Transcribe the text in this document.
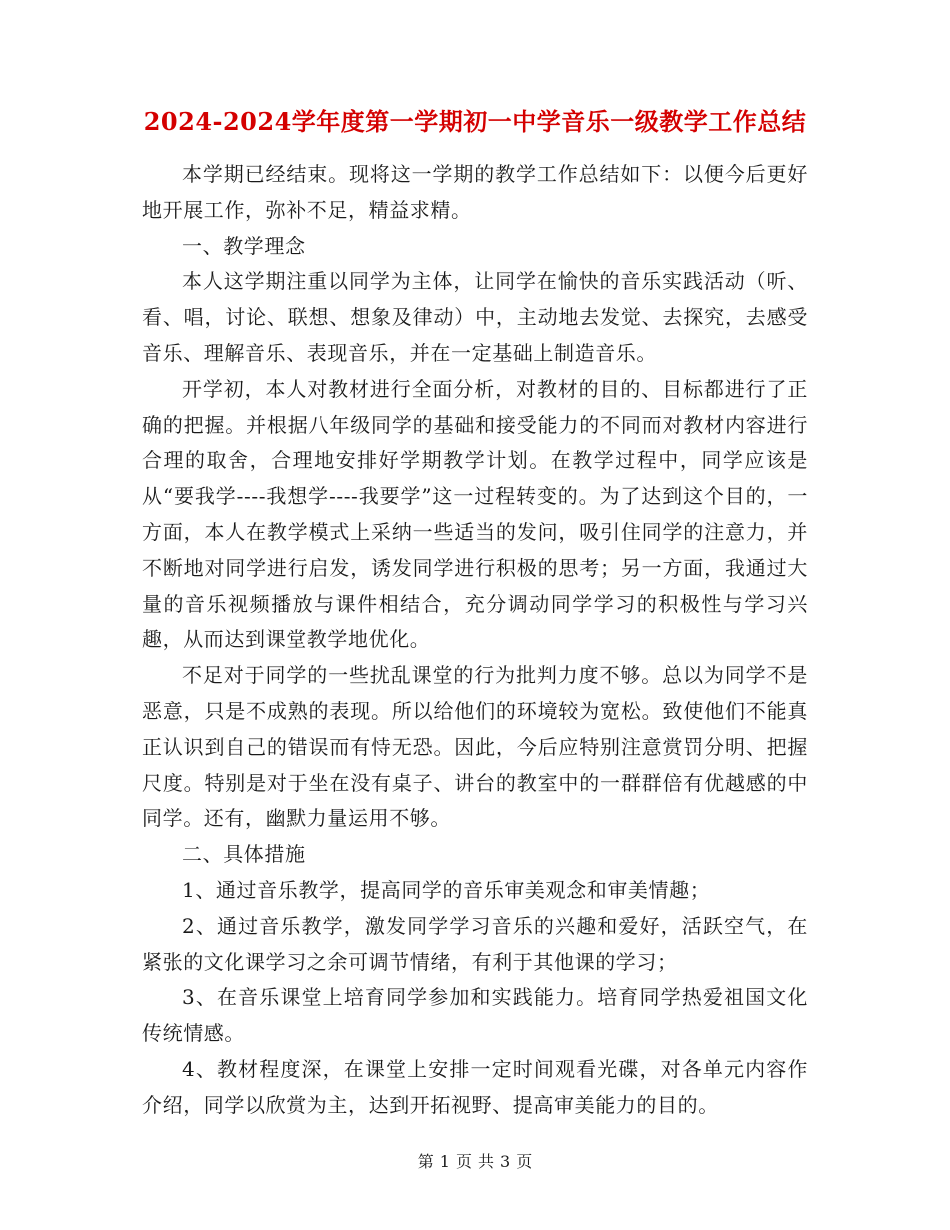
2024-2024学年度第一学期初一中学音乐一级教学工作总结

本学期已经结束。现将这一学期的教学工作总结如下：以便今后更好地开展工作，弥补不足，精益求精。

一、教学理念

本人这学期注重以同学为主体，让同学在愉快的音乐实践活动（听、看、唱，讨论、联想、想象及律动）中，主动地去发觉、去探究，去感受音乐、理解音乐、表现音乐，并在一定基础上制造音乐。

开学初，本人对教材进行全面分析，对教材的目的、目标都进行了正确的把握。并根据八年级同学的基础和接受能力的不同而对教材内容进行合理的取舍，合理地安排好学期教学计划。在教学过程中，同学应该是从“要我学----我想学----我要学”这一过程转变的。为了达到这个目的，一方面，本人在教学模式上采纳一些适当的发问，吸引住同学的注意力，并不断地对同学进行启发，诱发同学进行积极的思考；另一方面，我通过大量的音乐视频播放与课件相结合，充分调动同学学习的积极性与学习兴趣，从而达到课堂教学地优化。

不足对于同学的一些扰乱课堂的行为批判力度不够。总以为同学不是恶意，只是不成熟的表现。所以给他们的环境较为宽松。致使他们不能真正认识到自己的错误而有恃无恐。因此，今后应特别注意赏罚分明、把握尺度。特别是对于坐在没有桌子、讲台的教室中的一群群倍有优越感的中同学。还有，幽默力量运用不够。

二、具体措施

1、通过音乐教学，提高同学的音乐审美观念和审美情趣；

2、通过音乐教学，激发同学学习音乐的兴趣和爱好，活跃空气，在紧张的文化课学习之余可调节情绪，有利于其他课的学习；

3、在音乐课堂上培育同学参加和实践能力。培育同学热爱祖国文化传统情感。

4、教材程度深，在课堂上安排一定时间观看光碟，对各单元内容作介绍，同学以欣赏为主，达到开拓视野、提高审美能力的目的。

第 1 页 共 3 页
